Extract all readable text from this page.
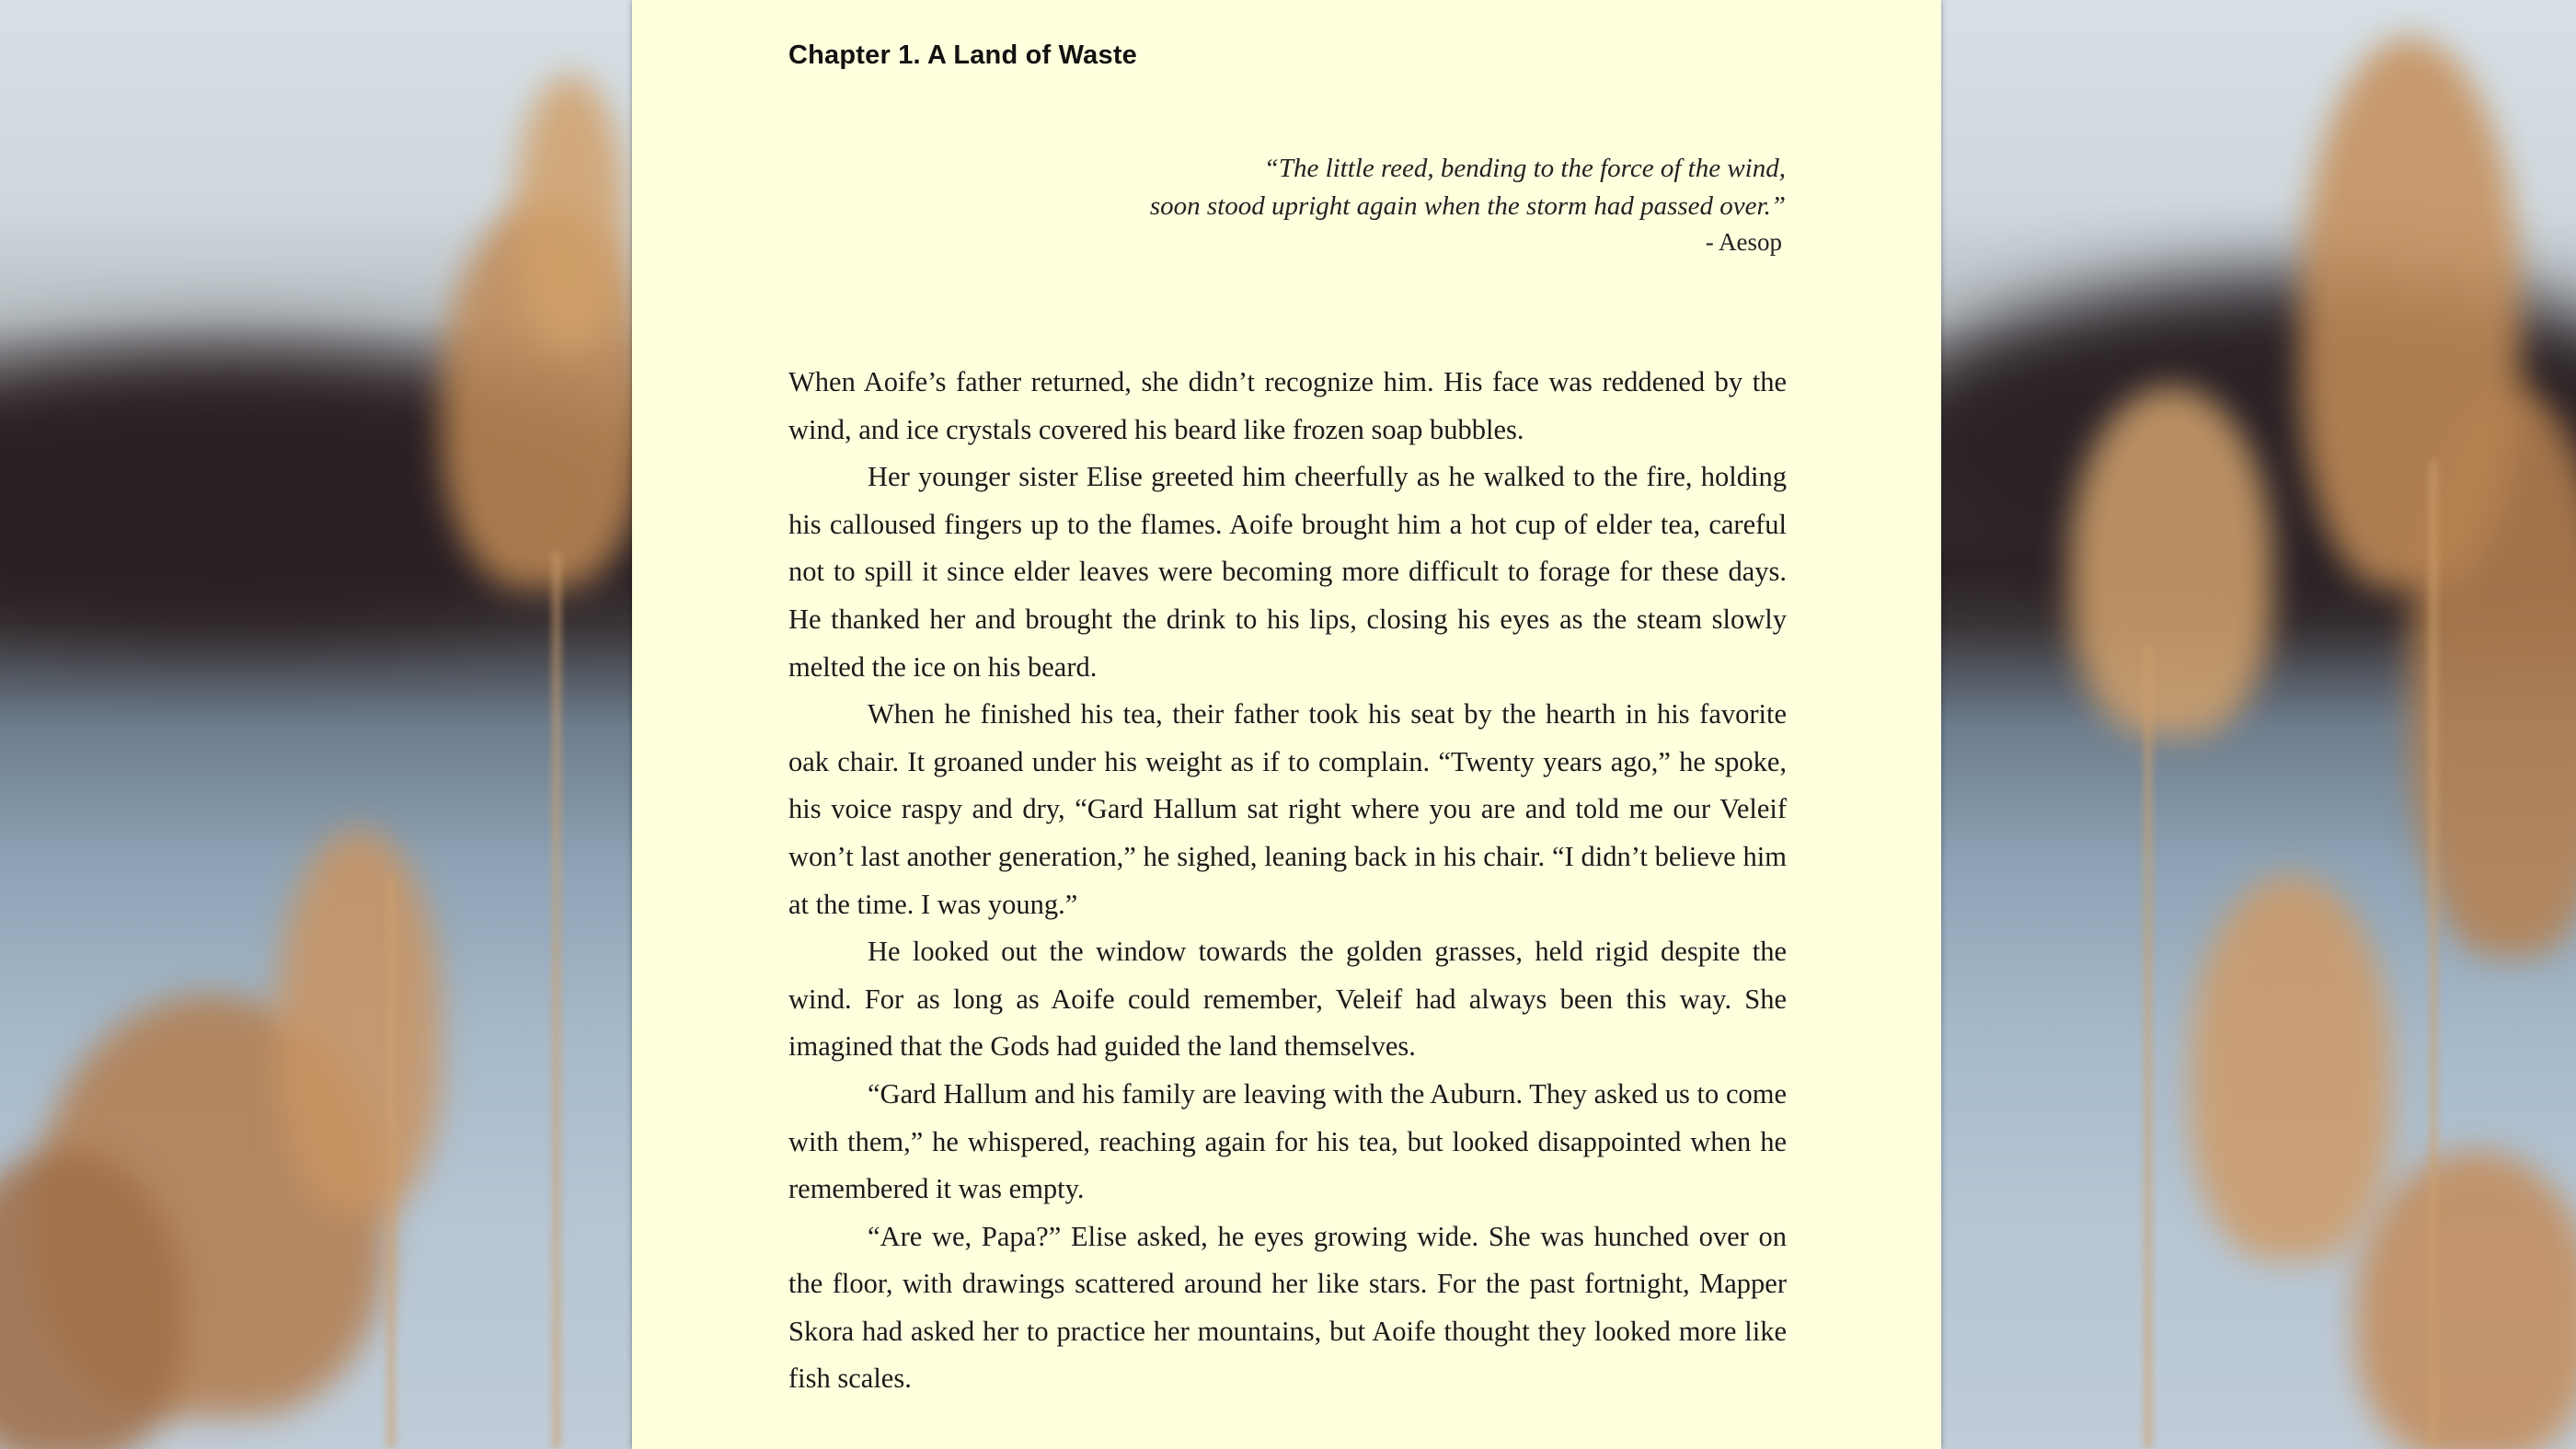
Chapter 1. A Land of Waste
“The little reed, bending to the force of the wind,
soon stood upright again when the storm had passed over.”
- Aesop

When Aoife’s father returned, she didn’t recognize him. His face was reddened by the wind, and ice crystals covered his beard like frozen soap bubbles.

Her younger sister Elise greeted him cheerfully as he walked to the fire, holding his calloused fingers up to the flames. Aoife brought him a hot cup of elder tea, careful not to spill it since elder leaves were becoming more difficult to forage for these days. He thanked her and brought the drink to his lips, closing his eyes as the steam slowly melted the ice on his beard.

When he finished his tea, their father took his seat by the hearth in his favorite oak chair. It groaned under his weight as if to complain. “Twenty years ago,” he spoke, his voice raspy and dry, “Gard Hallum sat right where you are and told me our Veleif won’t last another generation,” he sighed, leaning back in his chair. “I didn’t believe him at the time. I was young.”

He looked out the window towards the golden grasses, held rigid despite the wind. For as long as Aoife could remember, Veleif had always been this way. She imagined that the Gods had guided the land themselves.

“Gard Hallum and his family are leaving with the Auburn. They asked us to come with them,” he whispered, reaching again for his tea, but looked disappointed when he remembered it was empty.

“Are we, Papa?” Elise asked, he eyes growing wide. She was hunched over on the floor, with drawings scattered around her like stars. For the past fortnight, Mapper Skora had asked her to practice her mountains, but Aoife thought they looked more like fish scales.
